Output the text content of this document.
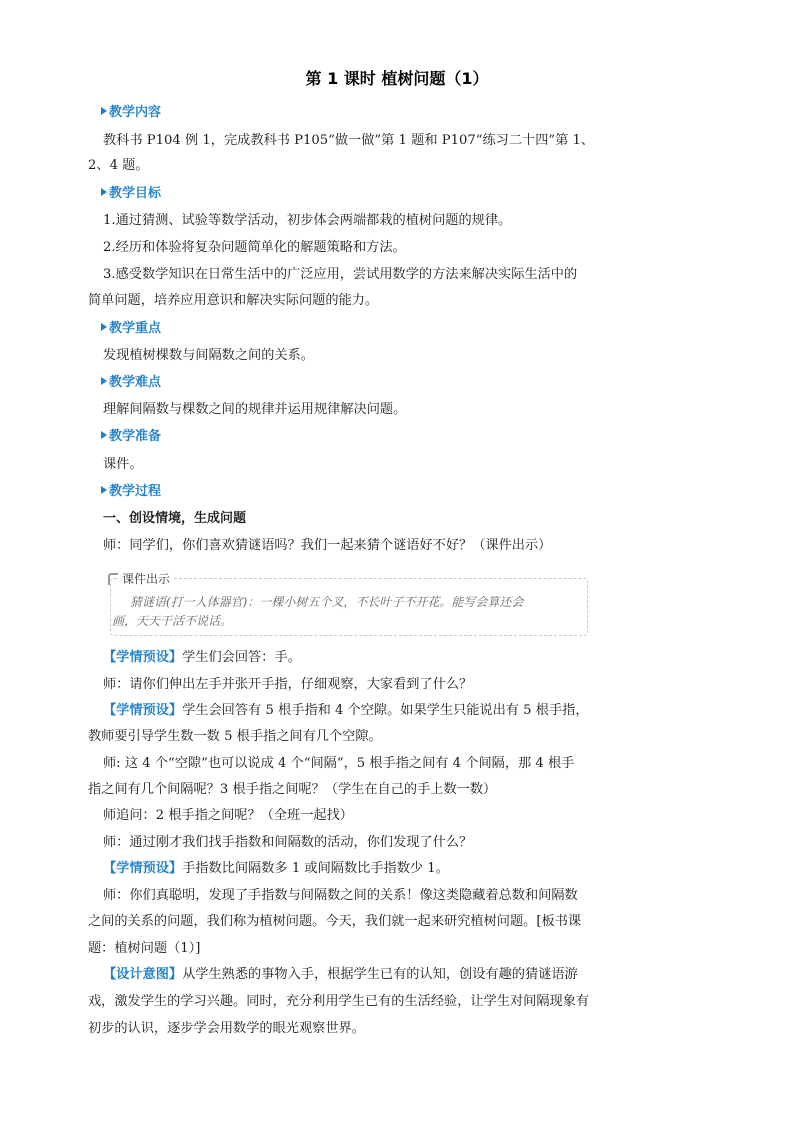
第 1 课时 植树问题（1）
教学内容
教科书 P104 例 1，完成教科书 P105“做一做”第 1 题和 P107“练习二十四”第 1、
2、4 题。
教学目标
1.通过猜测、试验等数学活动，初步体会两端都栽的植树问题的规律。
2.经历和体验将复杂问题简单化的解题策略和方法。
3.感受数学知识在日常生活中的广泛应用，尝试用数学的方法来解决实际生活中的
简单问题，培养应用意识和解决实际问题的能力。
教学重点
发现植树棵数与间隔数之间的关系。
教学难点
理解间隔数与棵数之间的规律并运用规律解决问题。
教学准备
课件。
教学过程
一、创设情境，生成问题
师：同学们，你们喜欢猜谜语吗？我们一起来猜个谜语好不好？（课件出示）
课件出示
猜谜语(打一人体器官)：一棵小树五个叉，不长叶子不开花。能写会算还会
画，天天干活不说话。
【学情预设】学生们会回答：手。
师：请你们伸出左手并张开手指，仔细观察，大家看到了什么？
【学情预设】学生会回答有 5 根手指和 4 个空隙。如果学生只能说出有 5 根手指，
教师要引导学生数一数 5 根手指之间有几个空隙。
师: 这 4 个“空隙”也可以说成 4 个“间隔”，5 根手指之间有 4 个间隔，那 4 根手
指之间有几个间隔呢？3 根手指之间呢？（学生在自己的手上数一数）
师追问：2 根手指之间呢？（全班一起找）
师：通过刚才我们找手指数和间隔数的活动，你们发现了什么？
【学情预设】手指数比间隔数多 1 或间隔数比手指数少 1。
师：你们真聪明，发现了手指数与间隔数之间的关系！像这类隐藏着总数和间隔数
之间的关系的问题，我们称为植树问题。今天，我们就一起来研究植树问题。[板书课
题：植树问题（1）]
【设计意图】从学生熟悉的事物入手，根据学生已有的认知，创设有趣的猜谜语游
戏，激发学生的学习兴趣。同时，充分利用学生已有的生活经验，让学生对间隔现象有
初步的认识，逐步学会用数学的眼光观察世界。
